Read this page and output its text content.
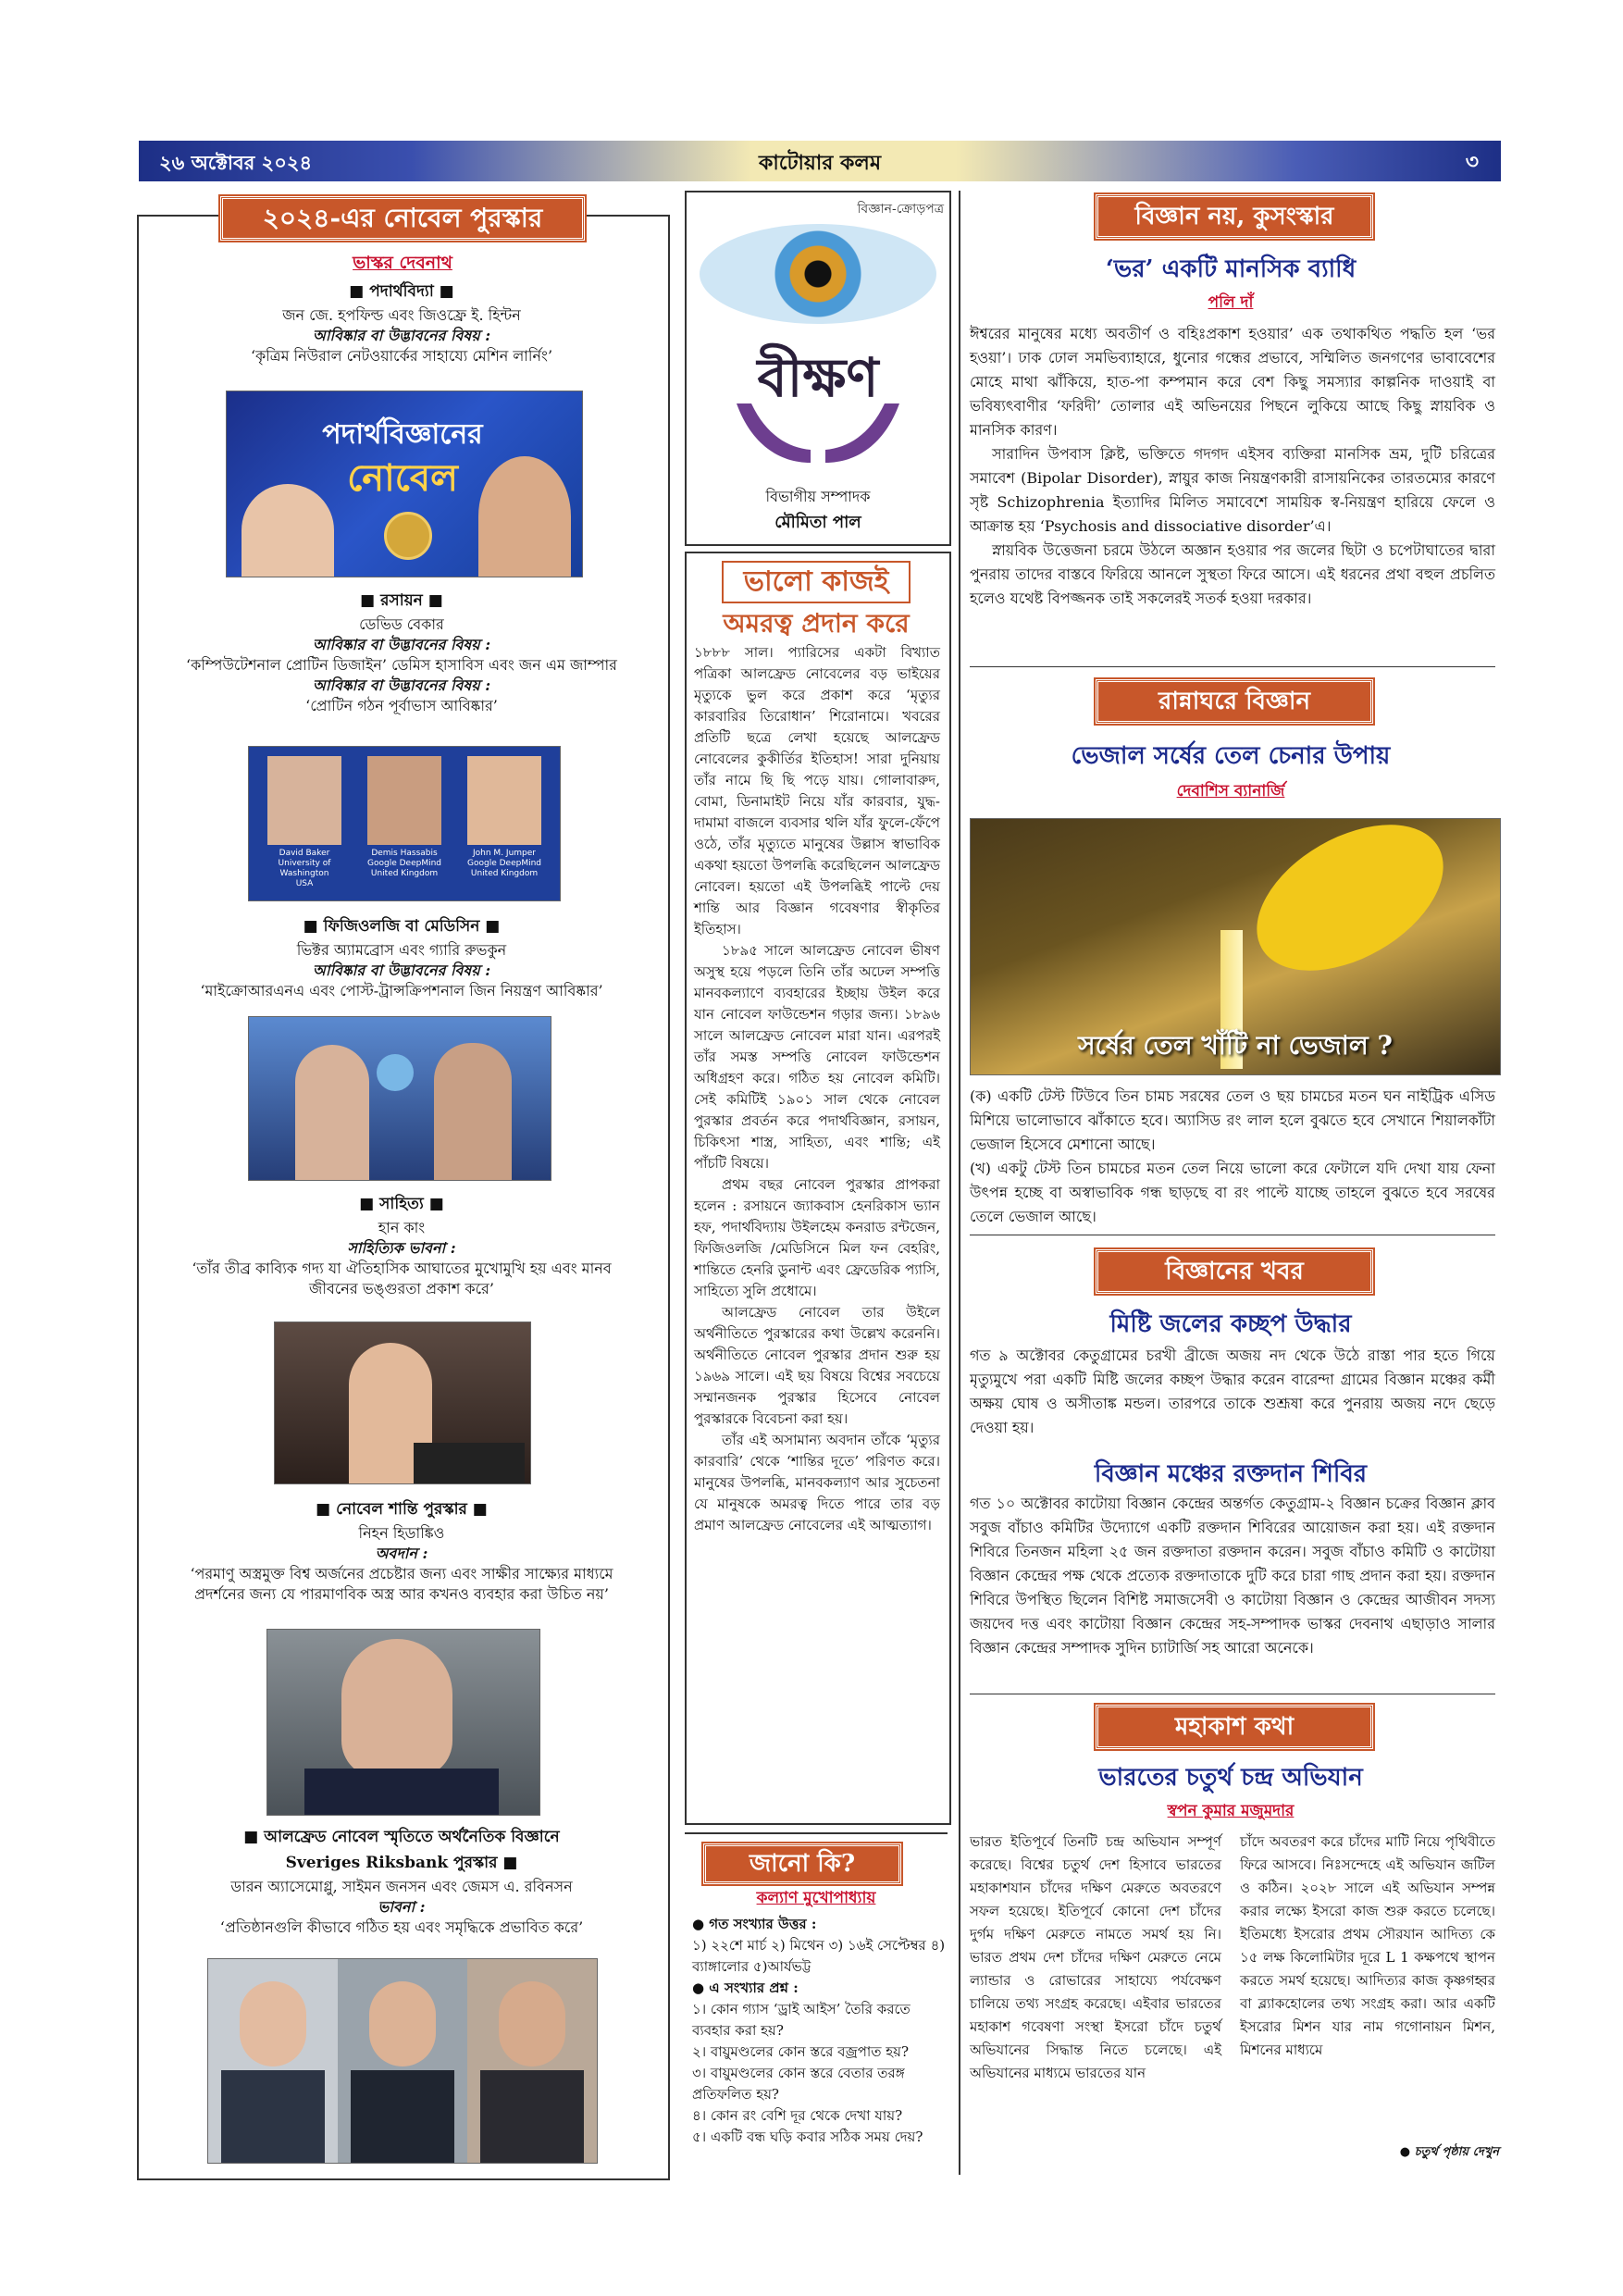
২৬ অক্টোবর ২০২৪	কাটোয়ার কলম	৩
২০২৪-এর নোবেল পুরস্কার
ভাস্কর দেবনাথ
■ পদার্থবিদ্যা ■
জন জে. হপফিল্ড এবং জিওফ্রে ই. হিন্টন
আবিষ্কার বা উদ্ভাবনের বিষয় :
‘কৃত্রিম নিউরাল নেটওয়ার্কের সাহায্যে মেশিন লার্নিং’
পদার্থবিজ্ঞানের
নোবেল
■ রসায়ন ■
ডেভিড বেকার
আবিষ্কার বা উদ্ভাবনের বিষয় :
‘কম্পিউটেশনাল প্রোটিন ডিজাইন’ ডেমিস হাসাবিস এবং জন এম জাম্পার
আবিষ্কার বা উদ্ভাবনের বিষয় :
‘প্রোটিন গঠন পূর্বাভাস আবিষ্কার’
David Baker
University of Washington
USA
Demis Hassabis
Google DeepMind
United Kingdom
John M. Jumper
Google DeepMind
United Kingdom
■ ফিজিওলজি বা মেডিসিন ■
ভিক্টর অ্যামব্রোস এবং গ্যারি রুভকুন
আবিষ্কার বা উদ্ভাবনের বিষয় :
‘মাইক্রোআরএনএ এবং পোস্ট-ট্রান্সক্রিপশনাল জিন নিয়ন্ত্রণ আবিষ্কার’
■ সাহিত্য ■
হান কাং
সাহিত্যিক ভাবনা :
‘তাঁর তীব্র কাব্যিক গদ্য যা ঐতিহাসিক আঘাতের মুখোমুখি হয় এবং মানব
জীবনের ভঙ্গুরতা প্রকাশ করে’
■ নোবেল শান্তি পুরস্কার ■
নিহন হিডাঙ্কিও
অবদান :
‘পরমাণু অস্ত্রমুক্ত বিশ্ব অর্জনের প্রচেষ্টার জন্য এবং সাক্ষীর সাক্ষ্যের মাধ্যমে
প্রদর্শনের জন্য যে পারমাণবিক অস্ত্র আর কখনও ব্যবহার করা উচিত নয়’
■ আলফ্রেড নোবেল স্মৃতিতে অর্থনৈতিক বিজ্ঞানে
Sveriges Riksbank পুরস্কার ■
ডারন অ্যাসেমোগ্লু, সাইমন জনসন এবং জেমস এ. রবিনসন
ভাবনা :
‘প্রতিষ্ঠানগুলি কীভাবে গঠিত হয় এবং সমৃদ্ধিকে প্রভাবিত করে’
বিজ্ঞান-ক্রোড়পত্র
বীক্ষণ
বিভাগীয় সম্পাদক
মৌমিতা পাল
ভালো কাজই
অমরত্ব প্রদান করে
১৮৮৮ সাল। প্যারিসের একটা বিখ্যাত পত্রিকা আলফ্রেড নোবেলের বড় ভাইয়ের মৃত্যুকে ভুল করে প্রকাশ করে ‘মৃত্যুর কারবারির তিরোধান’ শিরোনামে। খবরের প্রতিটি ছত্রে লেখা হয়েছে আলফ্রেড নোবেলের কুকীর্তির ইতিহাস! সারা দুনিয়ায় তাঁর নামে ছি ছি পড়ে যায়। গোলাবারুদ, বোমা, ডিনামাইট নিয়ে যাঁর কারবার, যুদ্ধ-দামামা বাজলে ব্যবসার থলি যাঁর ফুলে-ফেঁপে ওঠে, তাঁর মৃত্যুতে মানুষের উল্লাস স্বাভাবিক একথা হয়তো উপলব্ধি করেছিলেন আলফ্রেড নোবেল। হয়তো এই উপলব্ধিই পাল্টে দেয় শান্তি আর বিজ্ঞান গবেষণার স্বীকৃতির ইতিহাস।
১৮৯৫ সালে আলফ্রেড নোবেল ভীষণ অসুস্থ হয়ে পড়লে তিনি তাঁর অঢেল সম্পত্তি মানবকল্যাণে ব্যবহারের ইচ্ছায় উইল করে যান নোবেল ফাউন্ডেশন গড়ার জন্য। ১৮৯৬ সালে আলফ্রেড নোবেল মারা যান। এরপরই তাঁর সমস্ত সম্পত্তি নোবেল ফাউন্ডেশন অধিগ্রহণ করে। গঠিত হয় নোবেল কমিটি। সেই কমিটিই ১৯০১ সাল থেকে নোবেল পুরস্কার প্রবর্তন করে পদার্থবিজ্ঞান, রসায়ন, চিকিৎসা শাস্ত্র, সাহিত্য, এবং শান্তি; এই পাঁচটি বিষয়ে।
প্রথম বছর নোবেল পুরস্কার প্রাপকরা হলেন : রসায়নে জ্যাকবাস হেনরিকাস ভ্যান হফ, পদার্থবিদ্যায় উইলহেম কনরাড রন্টজেন, ফিজিওলজি /মেডিসিনে মিল ফন বেহরিং, শান্তিতে হেনরি ডুনান্ট এবং ফ্রেডেরিক প্যাসি, সাহিত্যে সুলি প্রধোমে।
আলফ্রেড নোবেল তার উইলে অর্থনীতিতে পুরস্কারের কথা উল্লেখ করেননি। অর্থনীতিতে নোবেল পুরস্কার প্রদান শুরু হয় ১৯৬৯ সালে। এই ছয় বিষয়ে বিশ্বের সবচেয়ে সম্মানজনক পুরস্কার হিসেবে নোবেল পুরস্কারকে বিবেচনা করা হয়।
তাঁর এই অসামান্য অবদান তাঁকে ‘মৃত্যুর কারবারি’ থেকে ‘শান্তির দূতে’ পরিণত করে। মানুষের উপলব্ধি, মানবকল্যাণ আর সুচেতনা যে মানুষকে অমরত্ব দিতে পারে তার বড় প্রমাণ আলফ্রেড নোবেলের এই আত্মত্যাগ।
জানো কি?
কল্যাণ মুখোপাধ্যায়
● গত সংখ্যার উত্তর :
১) ২২শে মার্চ ২) মিথেন ৩) ১৬ই সেপ্টেম্বর ৪) ব্যাঙ্গালোর ৫)আর্যভট্ট
● এ সংখ্যার প্রশ্ন :
১। কোন গ্যাস ‘ড্রাই আইস’ তৈরি করতে ব্যবহার করা হয়?
২। বায়ুমণ্ডলের কোন স্তরে বজ্রপাত হয়?
৩। বায়ুমণ্ডলের কোন স্তরে বেতার তরঙ্গ প্রতিফলিত হয়?
৪। কোন রং বেশি দূর থেকে দেখা যায়?
৫। একটি বন্ধ ঘড়ি কবার সঠিক সময় দেয়?
বিজ্ঞান নয়, কুসংস্কার
‘ভর’ একটি মানসিক ব্যাধি
পলি দাঁ
ঈশ্বরের মানুষের মধ্যে অবতীর্ণ ও বহিঃপ্রকাশ হওয়ার’ এক তথাকথিত পদ্ধতি হল ‘ভর হওয়া’। ঢাক ঢোল সমভিব্যাহারে, ধুনোর গন্ধের প্রভাবে, সম্মিলিত জনগণের ভাবাবেশের মোহে মাথা ঝাঁকিয়ে, হাত-পা কম্পমান করে বেশ কিছু সমস্যার কাল্পনিক দাওয়াই বা ভবিষ্যৎবাণীর ‘ফরিদী’ তোলার এই অভিনয়ের পিছনে লুকিয়ে আছে কিছু স্নায়বিক ও মানসিক কারণ।
সারাদিন উপবাস ক্লিষ্ট, ভক্তিতে গদগদ এইসব ব্যক্তিরা মানসিক ভ্রম, দুটি চরিত্রের সমাবেশ (Bipolar Disorder), স্নায়ুর কাজ নিয়ন্ত্রণকারী রাসায়নিকের তারতম্যের কারণে সৃষ্ট Schizophrenia ইত্যাদির মিলিত সমাবেশে সাময়িক স্ব-নিয়ন্ত্রণ হারিয়ে ফেলে ও আক্রান্ত হয় ‘Psychosis and dissociative disorder’এ।
স্নায়বিক উত্তেজনা চরমে উঠলে অজ্ঞান হওয়ার পর জলের ছিটা ও চপেটাঘাতের দ্বারা পুনরায় তাদের বাস্তবে ফিরিয়ে আনলে সুস্থতা ফিরে আসে। এই ধরনের প্রথা বহুল প্রচলিত হলেও যথেষ্ট বিপজ্জনক তাই সকলেরই সতর্ক হওয়া দরকার।
রান্নাঘরে বিজ্ঞান
ভেজাল সর্ষের তেল চেনার উপায়
দেবাশিস ব্যানার্জি
সর্ষের তেল খাঁটি না ভেজাল ?
(ক) একটি টেস্ট টিউবে তিন চামচ সরষের তেল ও ছয় চামচের মতন ঘন নাইট্রিক এসিড মিশিয়ে ভালোভাবে ঝাঁকাতে হবে। অ্যাসিড রং লাল হলে বুঝতে হবে সেখানে শিয়ালকাঁটা ভেজাল হিসেবে মেশানো আছে।
(খ) একটু টেস্ট তিন চামচের মতন তেল নিয়ে ভালো করে ফেটালে যদি দেখা যায় ফেনা উৎপন্ন হচ্ছে বা অস্বাভাবিক গন্ধ ছাড়ছে বা রং পাল্টে যাচ্ছে তাহলে বুঝতে হবে সরষের তেলে ভেজাল আছে।
বিজ্ঞানের খবর
মিষ্টি জলের কচ্ছপ উদ্ধার
গত ৯ অক্টোবর কেতুগ্রামের চরখী ব্রীজে অজয় নদ থেকে উঠে রাস্তা পার হতে গিয়ে মৃত্যুমুখে পরা একটি মিষ্টি জলের কচ্ছপ উদ্ধার করেন বারেন্দা গ্রামের বিজ্ঞান মঞ্চের কর্মী অক্ষয় ঘোষ ও অসীতাঙ্ক মন্ডল। তারপরে তাকে শুশ্রূষা করে পুনরায় অজয় নদে ছেড়ে দেওয়া হয়।
বিজ্ঞান মঞ্চের রক্তদান শিবির
গত ১০ অক্টোবর কাটোয়া বিজ্ঞান কেন্দ্রের অন্তর্গত কেতুগ্রাম-২ বিজ্ঞান চক্রের বিজ্ঞান ক্লাব সবুজ বাঁচাও কমিটির উদ্যোগে একটি রক্তদান শিবিরের আয়োজন করা হয়। এই রক্তদান শিবিরে তিনজন মহিলা ২৫ জন রক্তদাতা রক্তদান করেন। সবুজ বাঁচাও কমিটি ও কাটোয়া বিজ্ঞান কেন্দ্রের পক্ষ থেকে প্রত্যেক রক্তদাতাকে দুটি করে চারা গাছ প্রদান করা হয়। রক্তদান শিবিরে উপস্থিত ছিলেন বিশিষ্ট সমাজসেবী ও কাটোয়া বিজ্ঞান ও কেন্দ্রের আজীবন সদস্য জয়দেব দত্ত এবং কাটোয়া বিজ্ঞান কেন্দ্রের সহ-সম্পাদক ভাস্কর দেবনাথ এছাড়াও সালার বিজ্ঞান কেন্দ্রের সম্পাদক সুদিন চ্যাটার্জি সহ আরো অনেকে।
মহাকাশ কথা
ভারতের চতুর্থ চন্দ্র অভিযান
স্বপন কুমার মজুমদার
ভারত ইতিপূর্বে তিনটি চন্দ্র অভিযান সম্পূর্ণ করেছে। বিশ্বের চতুর্থ দেশ হিসাবে ভারতের মহাকাশযান চাঁদের দক্ষিণ মেরুতে অবতরণে সফল হয়েছে। ইতিপূর্বে কোনো দেশ চাঁদের দুর্গম দক্ষিণ মেরুতে নামতে সমর্থ হয় নি। ভারত প্রথম দেশ চাঁদের দক্ষিণ মেরুতে নেমে ল্যান্ডার ও রোভারের সাহায্যে পর্যবেক্ষণ চালিয়ে তথ্য সংগ্রহ করেছে। এইবার ভারতের মহাকাশ গবেষণা সংস্থা ইসরো চাঁদে চতুর্থ অভিযানের সিদ্ধান্ত নিতে চলেছে। এই অভিযানের মাধ্যমে ভারতের যান
চাঁদে অবতরণ করে চাঁদের মাটি নিয়ে পৃথিবীতে ফিরে আসবে। নিঃসন্দেহে এই অভিযান জটিল ও কঠিন। ২০২৮ সালে এই অভিযান সম্পন্ন করার লক্ষ্যে ইসরো কাজ শুরু করতে চলেছে। ইতিমধ্যে ইসরোর প্রথম সৌরযান আদিত্য কে ১৫ লক্ষ কিলোমিটার দূরে L 1 কক্ষপথে স্থাপন করতে সমর্থ হয়েছে। আদিত্যর কাজ কৃষ্ণগহ্বর বা ব্ল্যাকহোলের তথ্য সংগ্রহ করা। আর একটি ইসরোর মিশন যার নাম গগোনায়ন মিশন, মিশনের মাধ্যমে
● চতুর্থ পৃষ্ঠায় দেখুন
